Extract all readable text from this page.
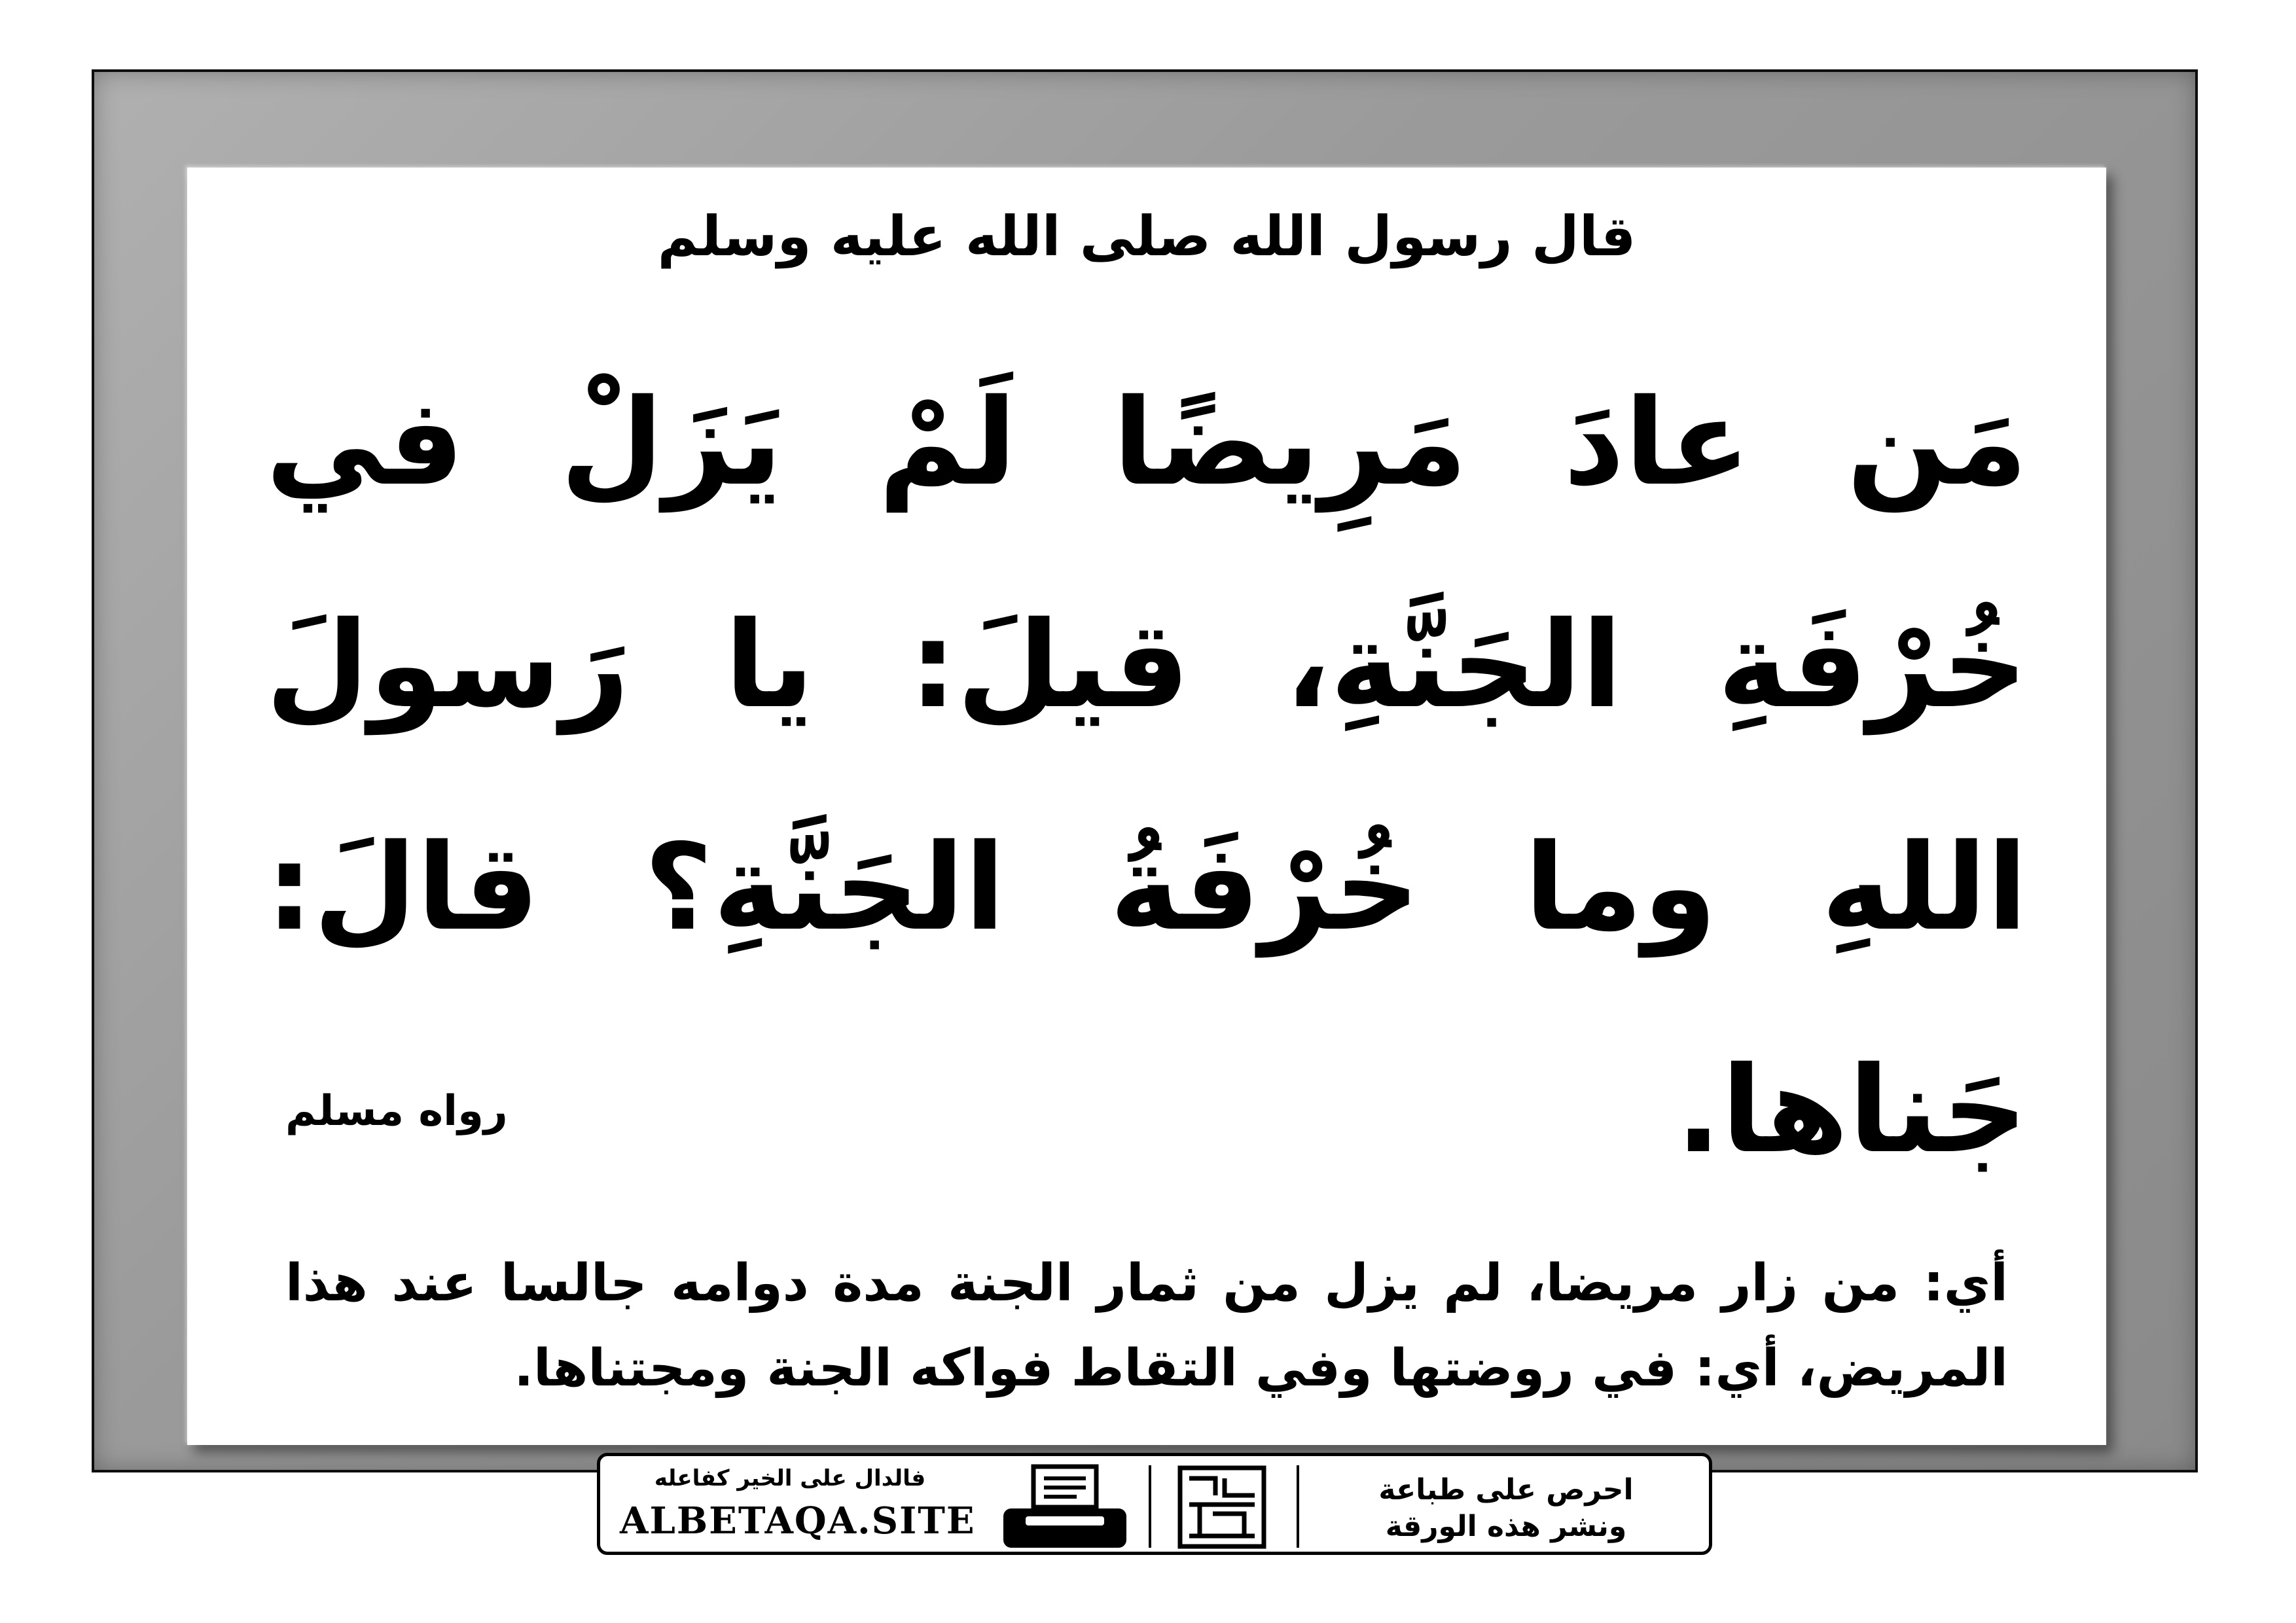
قال رسول الله صلى الله عليه وسلم
مَن عادَ مَرِيضًا لَمْ يَزَلْ في خُرْفَةِ الجَنَّةِ، قيلَ: يا رَسولَ اللهِ وما خُرْفَةُ الجَنَّةِ؟ قالَ: جَناها.
رواه مسلم
أي: من زار مريضا، لم يزل من ثمار الجنة مدة دوامه جالسا عند هذا المريض، أي: في روضتها وفي التقاط فواكه الجنة ومجتناها.
فالدال على الخير كفاعله
ALBETAQA.SITE
احرص على طباعة
ونشر هذه الورقة
